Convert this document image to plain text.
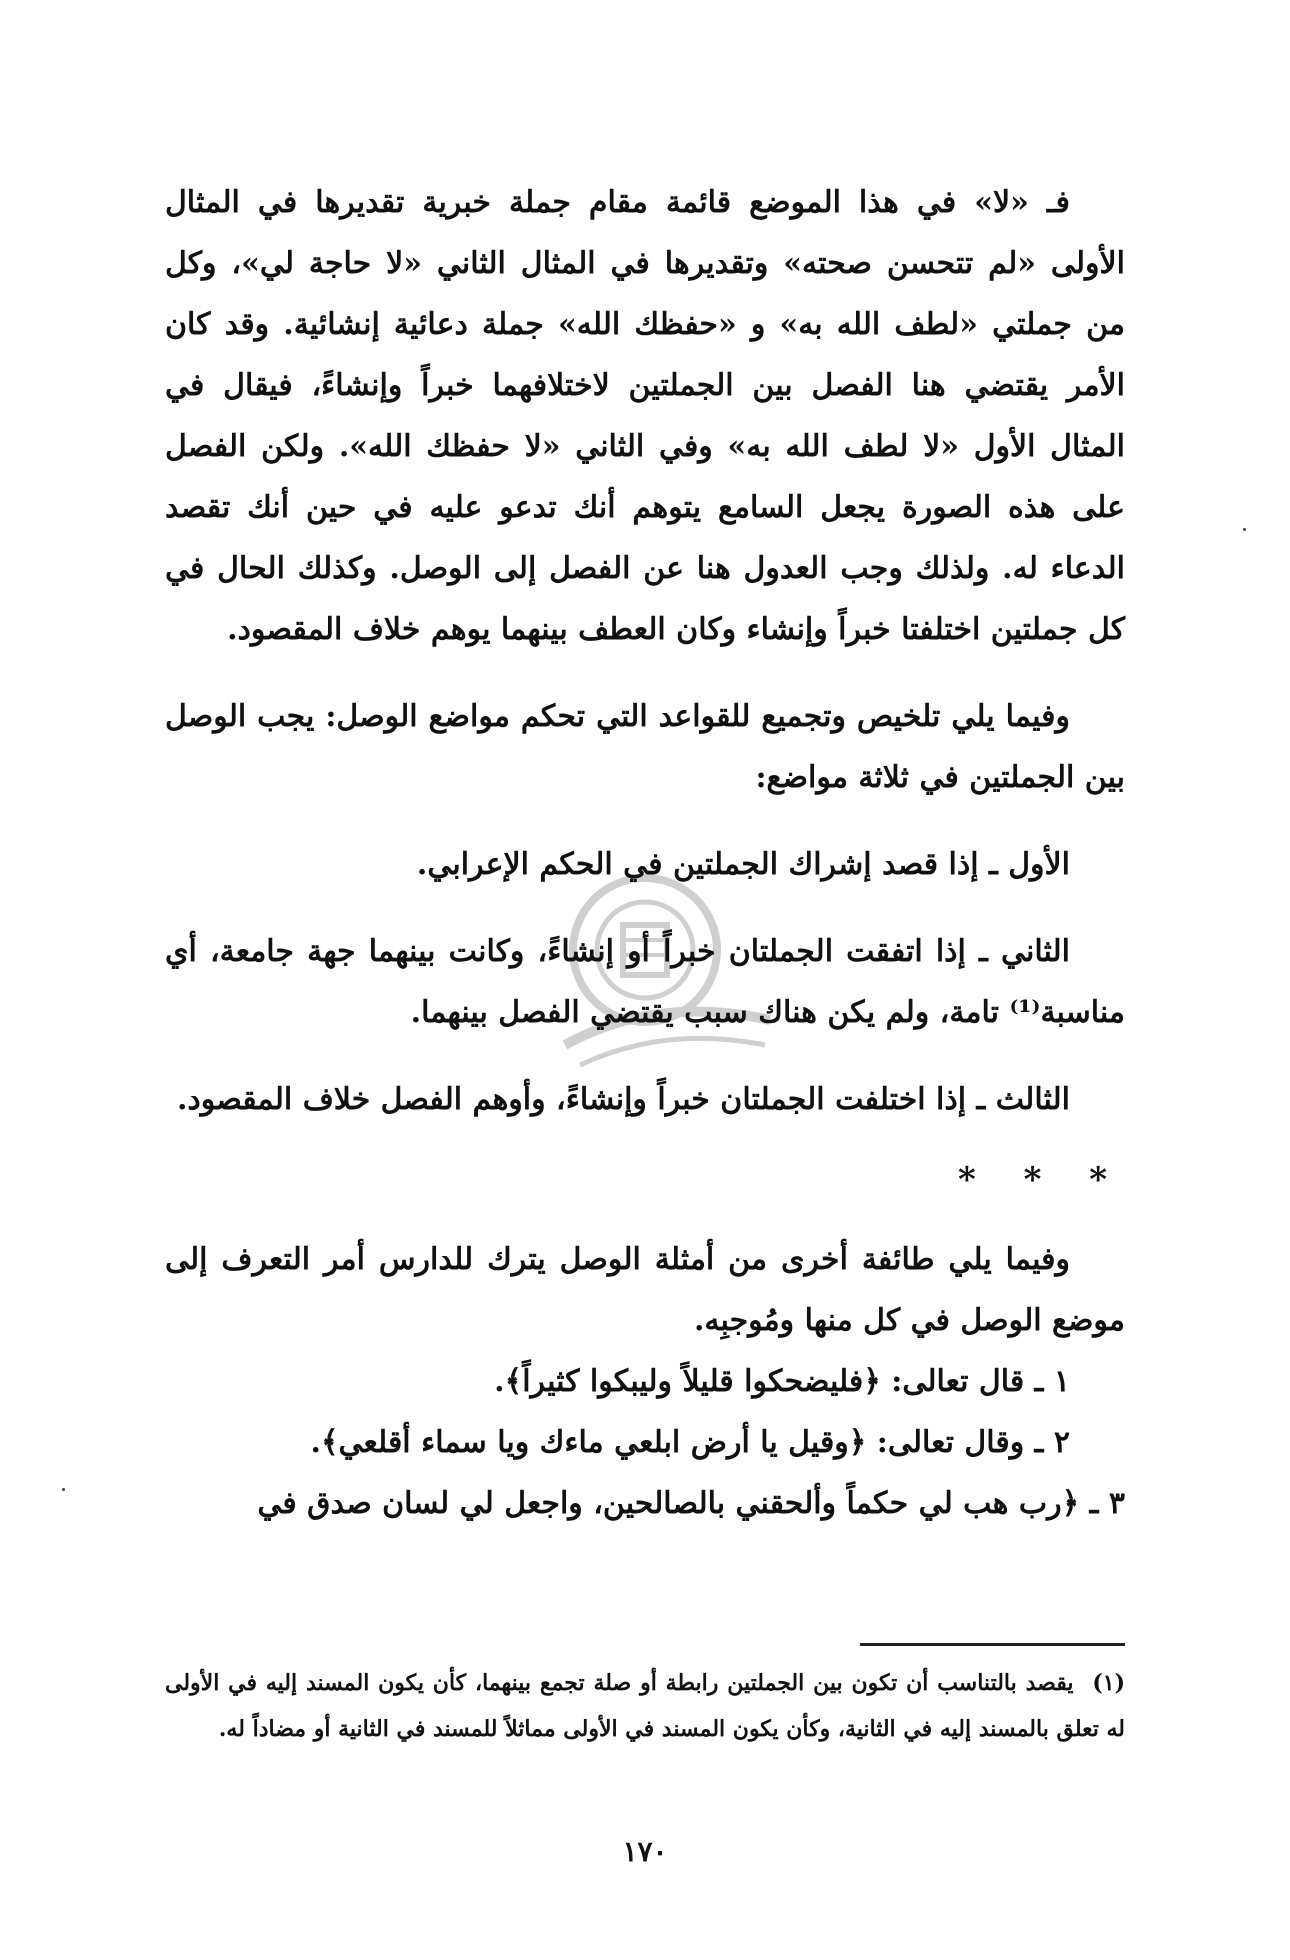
فـ «لا» في هذا الموضع قائمة مقام جملة خبرية تقديرها في المثال الأولى «لم تتحسن صحته» وتقديرها في المثال الثاني «لا حاجة لي»، وكل من جملتي «لطف الله به» و «حفظك الله» جملة دعائية إنشائية. وقد كان الأمر يقتضي هنا الفصل بين الجملتين لاختلافهما خبراً وإنشاءً، فيقال في المثال الأول «لا لطف الله به» وفي الثاني «لا حفظك الله». ولكن الفصل على هذه الصورة يجعل السامع يتوهم أنك تدعو عليه في حين أنك تقصد الدعاء له. ولذلك وجب العدول هنا عن الفصل إلى الوصل. وكذلك الحال في كل جملتين اختلفتا خبراً وإنشاء وكان العطف بينهما يوهم خلاف المقصود.

وفيما يلي تلخيص وتجميع للقواعد التي تحكم مواضع الوصل: يجب الوصل بين الجملتين في ثلاثة مواضع:

الأول ـ إذا قصد إشراك الجملتين في الحكم الإعرابي.

الثاني ـ إذا اتفقت الجملتان خبراً أو إنشاءً، وكانت بينهما جهة جامعة، أي مناسبة⁽¹⁾ تامة، ولم يكن هناك سبب يقتضي الفصل بينهما.

الثالث ـ إذا اختلفت الجملتان خبراً وإنشاءً، وأوهم الفصل خلاف المقصود.

* * *

وفيما يلي طائفة أخرى من أمثلة الوصل يترك للدارس أمر التعرف إلى موضع الوصل في كل منها ومُوجبِه.

١ ـ قال تعالى: ﴿فليضحكوا قليلاً وليبكوا كثيراً﴾.

٢ ـ وقال تعالى: ﴿وقيل يا أرض ابلعي ماءك ويا سماء أقلعي﴾.

٣ ـ ﴿رب هب لي حكماً وألحقني بالصالحين، واجعل لي لسان صدق في

(١) يقصد بالتناسب أن تكون بين الجملتين رابطة أو صلة تجمع بينهما، كأن يكون المسند إليه في الأولى له تعلق بالمسند إليه في الثانية، وكأن يكون المسند في الأولى مماثلاً للمسند في الثانية أو مضاداً له.
١٧٠
